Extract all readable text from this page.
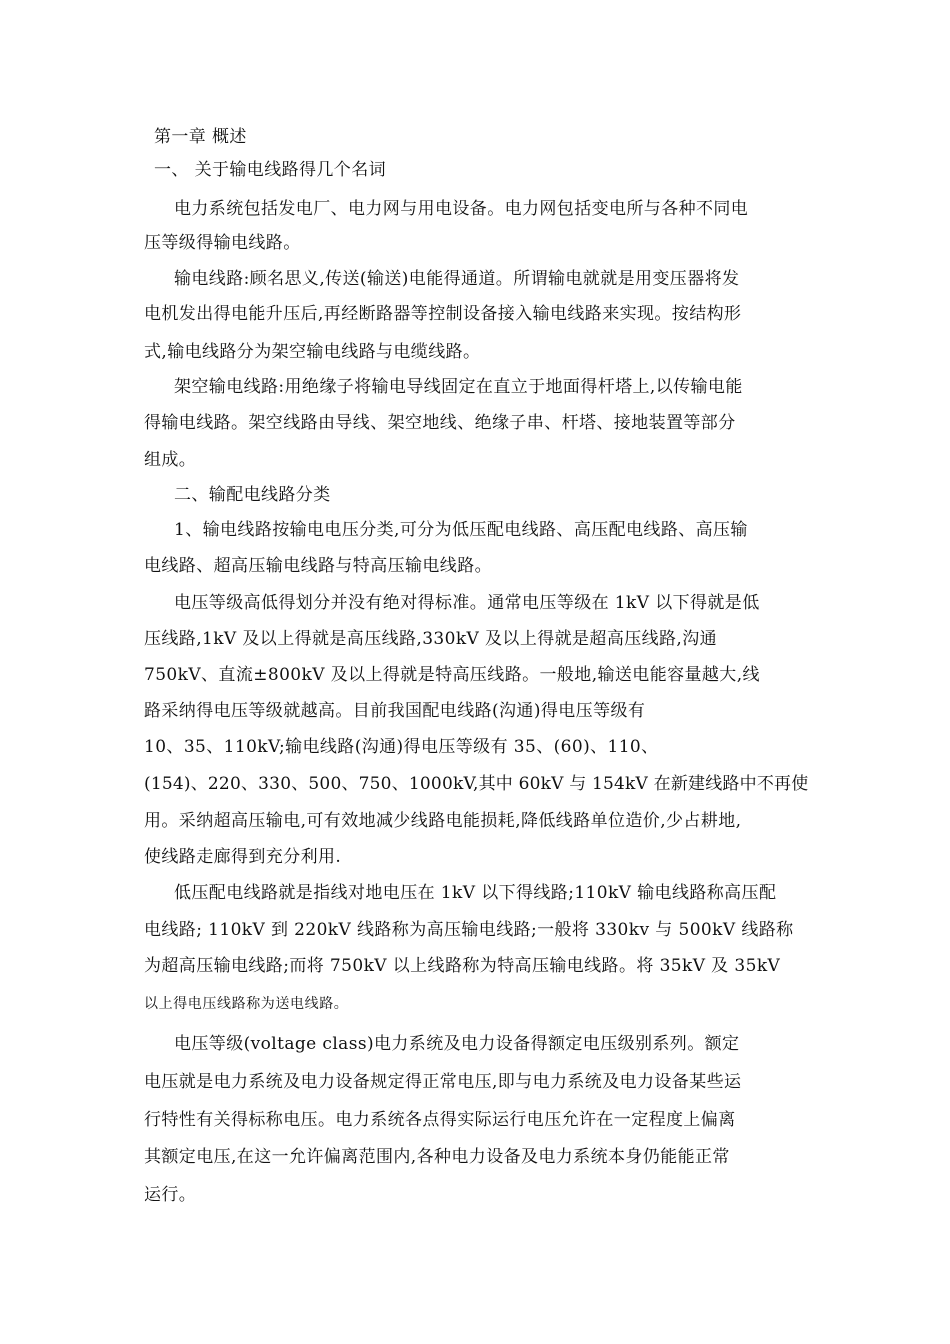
第一章 概述
一、 关于输电线路得几个名词
电力系统包括发电厂、电力网与用电设备。电力网包括变电所与各种不同电
压等级得输电线路。
输电线路:顾名思义,传送(输送)电能得通道。所谓输电就就是用变压器将发
电机发出得电能升压后,再经断路器等控制设备接入输电线路来实现。按结构形
式,输电线路分为架空输电线路与电缆线路。
架空输电线路:用绝缘子将输电导线固定在直立于地面得杆塔上,以传输电能
得输电线路。架空线路由导线、架空地线、绝缘子串、杆塔、接地装置等部分
组成。
二、输配电线路分类
1、输电线路按输电电压分类,可分为低压配电线路、高压配电线路、高压输
电线路、超高压输电线路与特高压输电线路。
电压等级高低得划分并没有绝对得标准。通常电压等级在 1kV 以下得就是低
压线路,1kV 及以上得就是高压线路,330kV 及以上得就是超高压线路,沟通
750kV、直流±800kV 及以上得就是特高压线路。一般地,输送电能容量越大,线
路采纳得电压等级就越高。目前我国配电线路(沟通)得电压等级有
10、35、110kV;输电线路(沟通)得电压等级有 35、(60)、110、
(154)、220、330、500、750、1000kV,其中 60kV 与 154kV 在新建线路中不再使
用。采纳超高压输电,可有效地减少线路电能损耗,降低线路单位造价,少占耕地,
使线路走廊得到充分利用.
低压配电线路就是指线对地电压在 1kV 以下得线路;110kV 输电线路称高压配
电线路; 110kV 到 220kV 线路称为高压输电线路;一般将 330kv 与 500kV 线路称
为超高压输电线路;而将 750kV 以上线路称为特高压输电线路。将 35kV 及 35kV
以上得电压线路称为送电线路。
电压等级(voltage class)电力系统及电力设备得额定电压级别系列。额定
电压就是电力系统及电力设备规定得正常电压,即与电力系统及电力设备某些运
行特性有关得标称电压。电力系统各点得实际运行电压允许在一定程度上偏离
其额定电压,在这一允许偏离范围内,各种电力设备及电力系统本身仍能能正常
运行。
